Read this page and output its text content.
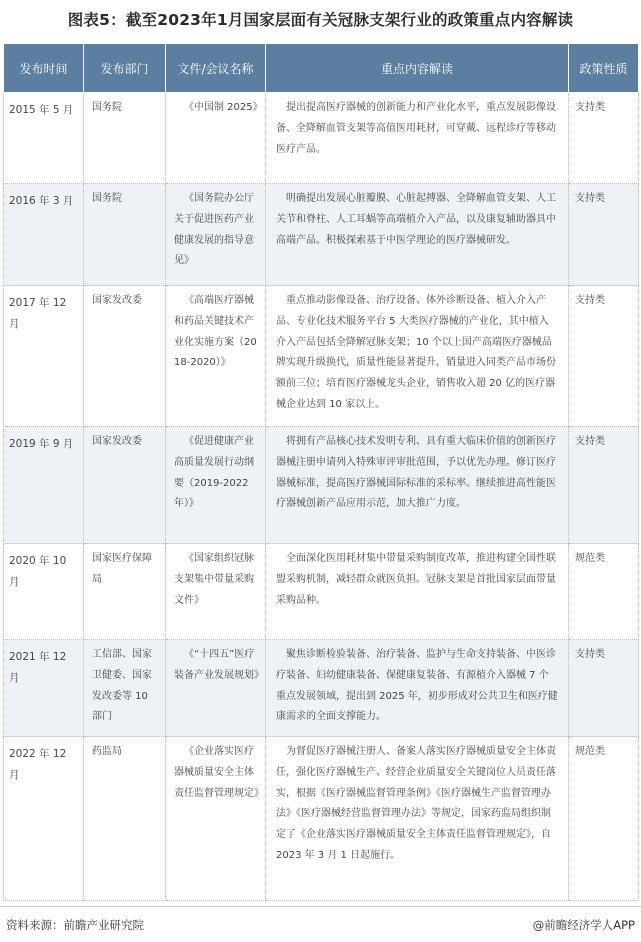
图表5：截至2023年1月国家层面有关冠脉支架行业的政策重点内容解读
发布时间	发布部门	文件/会议名称	重点内容解读	政策性质
2015 年 5 月	国务院	《中国制 2025》	提出提高医疗器械的创新能力和产业化水平，重点发展影像设备、全降解血管支架等高值医用耗材，可穿戴、远程诊疗等移动医疗产品。	支持类
2016 年 3 月	国务院	《国务院办公厅关于促进医药产业健康发展的指导意见》	明确提出发展心脏瓣膜、心脏起搏器、全降解血管支架、人工关节和脊柱、人工耳蜗等高端植介入产品，以及康复辅助器具中高端产品。积极探索基于中医学理论的医疗器械研发。	支持类
2017 年 12 月	国家发改委	《高端医疗器械和药品关键技术产业化实施方案（2018-2020）》	重点推动影像设备、治疗设备、体外诊断设备、植入介入产品、专业化技术服务平台 5 大类医疗器械的产业化，其中植入介入产品包括全降解冠脉支架；10 个以上国产高端医疗器械品牌实现升级换代，质量性能显著提升，销量进入同类产品市场份额前三位；培育医疗器械龙头企业，销售收入超 20 亿的医疗器械企业达到 10 家以上。	支持类
2019 年 9 月	国家发改委	《促进健康产业高质量发展行动纲要（2019-2022年）》	将拥有产品核心技术发明专利、具有重大临床价值的创新医疗器械注册申请列入特殊审评审批范围，予以优先办理。修订医疗器械标准，提高医疗器械国际标准的采标率。继续推进高性能医疗器械创新产品应用示范，加大推广力度。	支持类
2020 年 10 月	国家医疗保障局	《国家组织冠脉支架集中带量采购文件》	全面深化医用耗材集中带量采购制度改革，推进构建全国性联盟采购机制，减轻群众就医负担。冠脉支架是首批国家层面带量采购品种。	规范类
2021 年 12 月	工信部、国家卫健委、国家发改委等 10 部门	《“十四五”医疗装备产业发展规划》	聚焦诊断检验装备、治疗装备、监护与生命支持装备、中医诊疗装备、妇幼健康装备、保健康复装备、有源植介入器械 7 个重点发展领域，提出到 2025 年，初步形成对公共卫生和医疗健康需求的全面支撑能力。	支持类
2022 年 12 月	药监局	《企业落实医疗器械质量安全主体责任监督管理规定》	为督促医疗器械注册人、备案人落实医疗器械质量安全主体责任，强化医疗器械生产、经营企业质量安全关键岗位人员责任落实，根据《医疗器械监督管理条例》《医疗器械生产监督管理办法》《医疗器械经营监督管理办法》等规定，国家药监局组织制定了《企业落实医疗器械质量安全主体责任监督管理规定》，自 2023 年 3 月 1 日起施行。	规范类
资料来源：前瞻产业研究院	@前瞻经济学人APP
